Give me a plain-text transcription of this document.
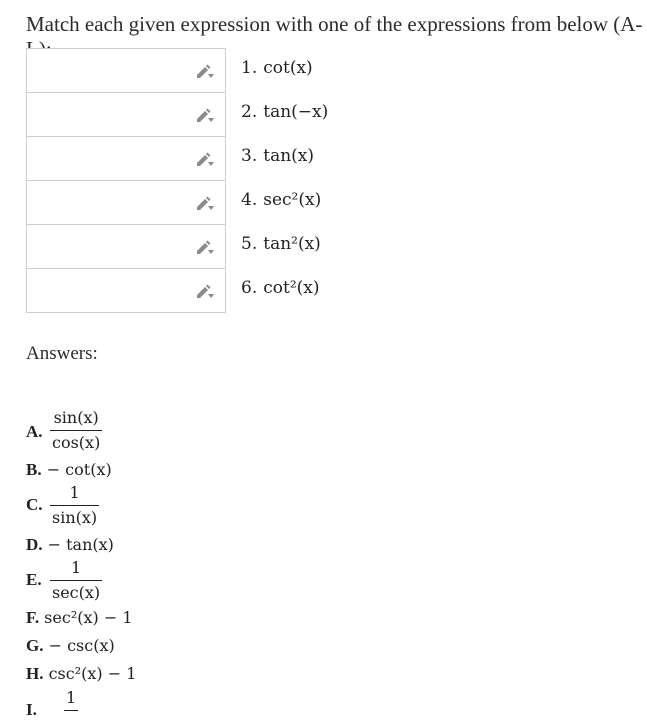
Match each given expression with one of the expressions from below (A-
1. cot(x)
2. tan(−x)
3. tan(x)
4. sec²(x)
5. tan²(x)
6. cot²(x)
Answers:
A. $\frac{\sin(x)}{\cos(x)}$
B. − cot(x)
C. $\frac{1}{\sin(x)}$
D. − tan(x)
E.
1
sec(x)
F. sec²(x) − 1
G. − csc(x)
H. csc²(x) − 1
I.
1
